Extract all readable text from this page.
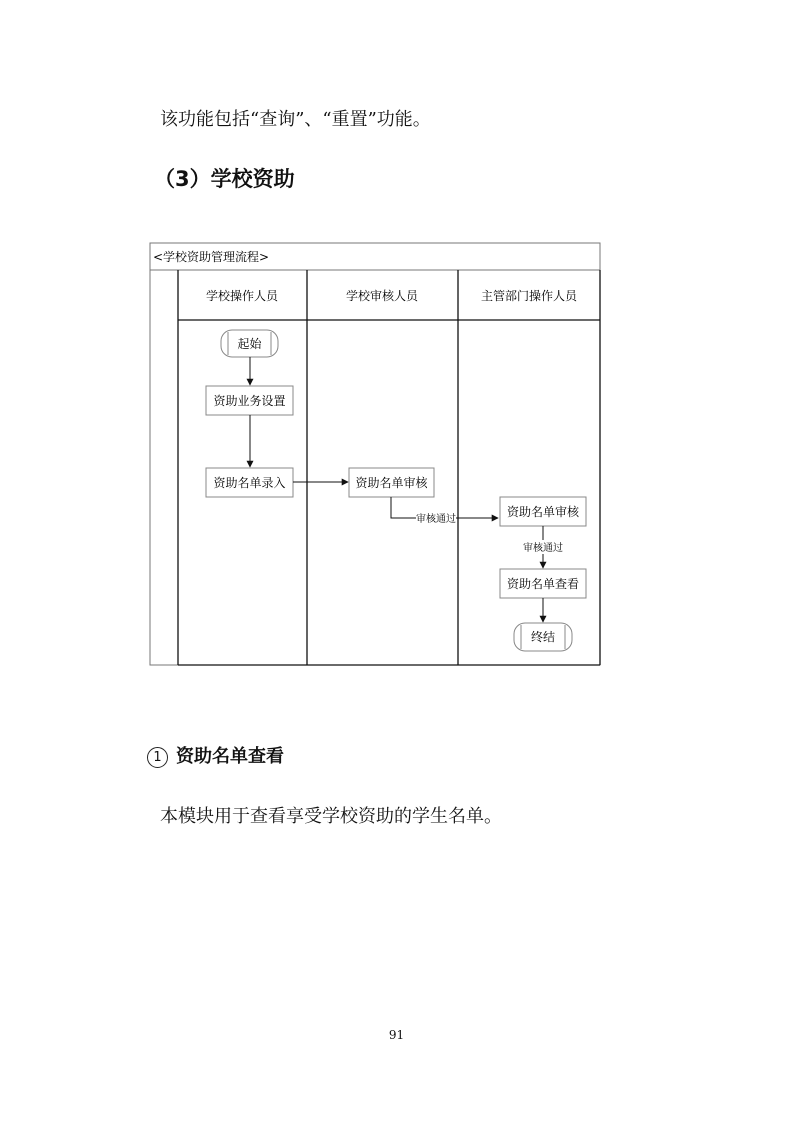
该功能包括“查询”、“重置”功能。
（3）学校资助
<学校资助管理流程>
学校操作人员	学校审核人员	主管部门操作人员
起始
资助业务设置
资助名单录入	资助名单审核
审核通过
资助名单审核
审核通过
资助名单查看
终结
1 资助名单查看
本模块用于查看享受学校资助的学生名单。
91
